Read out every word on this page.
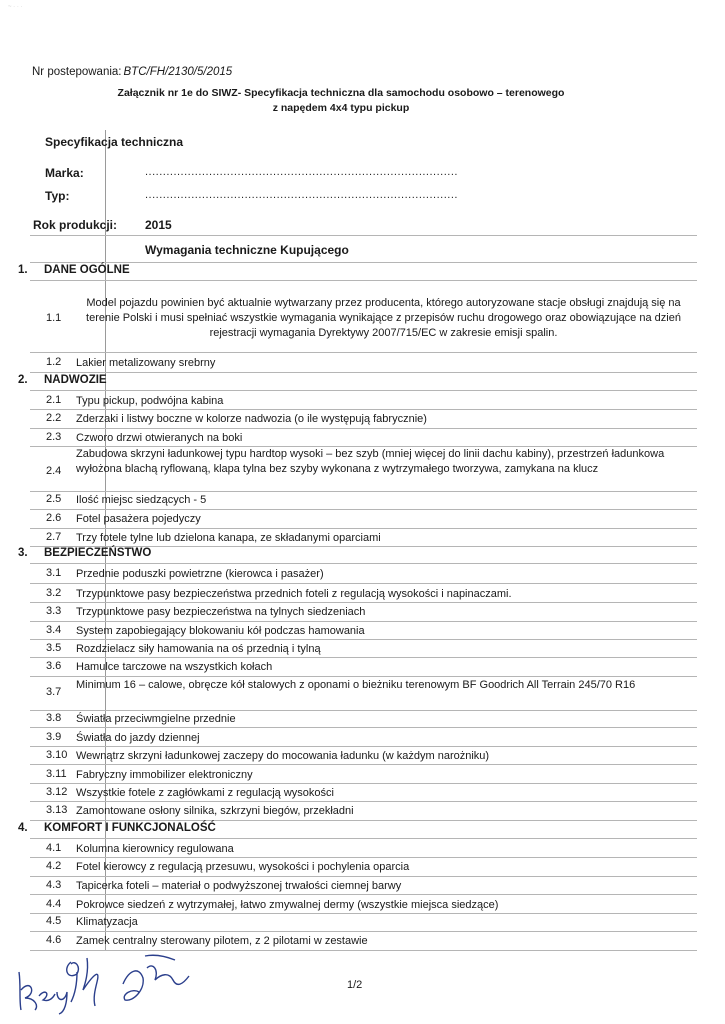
~ · · ·
Nr postepowania: BTC/FH/2130/5/2015
Załącznik nr 1e do SIWZ- Specyfikacja techniczna dla samochodu osobowo – terenowego
z napędem 4x4 typu pickup
Specyfikacja techniczna
Marka:	........................................................................................
Typ:	........................................................................................
Rok produkcji: 2015
Wymagania techniczne Kupującego
1. DANE OGÓLNE
1.1
Model pojazdu powinien być aktualnie wytwarzany przez producenta, którego autoryzowane stacje obsługi znajdują się na terenie Polski i musi spełniać wszystkie wymagania wynikające z przepisów ruchu drogowego oraz obowiązujące na dzień rejestracji wymagania Dyrektywy 2007/715/EC w zakresie emisji spalin.
1.2	Lakier metalizowany srebrny
2. NADWOZIE
2.1	Typu pickup, podwójna kabina
2.2	Zderzaki i listwy boczne w kolorze nadwozia (o ile występują fabrycznie)
2.3	Czworo drzwi otwieranych na boki
2.4
Zabudowa skrzyni ładunkowej typu hardtop wysoki – bez szyb (mniej więcej do linii dachu kabiny), przestrzeń ładunkowa wyłożona blachą ryflowaną, klapa tylna bez szyby wykonana z wytrzymałego tworzywa, zamykana na klucz
2.5	Ilość miejsc siedzących - 5
2.6	Fotel pasażera pojedyczy
2.7	Trzy fotele tylne lub dzielona kanapa, ze składanymi oparciami
3. BEZPIECZEŃSTWO
3.1	Przednie poduszki powietrzne (kierowca i pasażer)
3.2	Trzypunktowe pasy bezpieczeństwa przednich foteli z regulacją wysokości i napinaczami.
3.3	Trzypunktowe pasy bezpieczeństwa na tylnych siedzeniach
3.4	System zapobiegający blokowaniu kół podczas hamowania
3.5	Rozdzielacz siły hamowania na oś przednią i tylną
3.6	Hamulce tarczowe na wszystkich kołach
3.7
Minimum 16 – calowe, obręcze kół stalowych z oponami o bieżniku terenowym BF Goodrich All Terrain 245/70 R16
3.8	Światła przeciwmgielne przednie
3.9	Światła do jazdy dziennej
3.10 Wewnątrz skrzyni ładunkowej zaczepy do mocowania ładunku (w każdym narożniku)
3.11 Fabryczny immobilizer elektroniczny
3.12 Wszystkie fotele z zagłówkami z regulacją wysokości
3.13 Zamontowane osłony silnika, szkrzyni biegów, przekładni
4. KOMFORT I FUNKCJONALOŚĆ
4.1	Kolumna kierownicy regulowana
4.2	Fotel kierowcy z regulacją przesuwu, wysokości i pochylenia oparcia
4.3	Tapicerka foteli – materiał o podwyższonej trwałości ciemnej barwy
4.4	Pokrowce siedzeń z wytrzymałej, łatwo zmywalnej dermy (wszystkie miejsca siedzące)
4.5	Klimatyzacja
4.6	Zamek centralny sterowany pilotem, z 2 pilotami w zestawie
1/2
